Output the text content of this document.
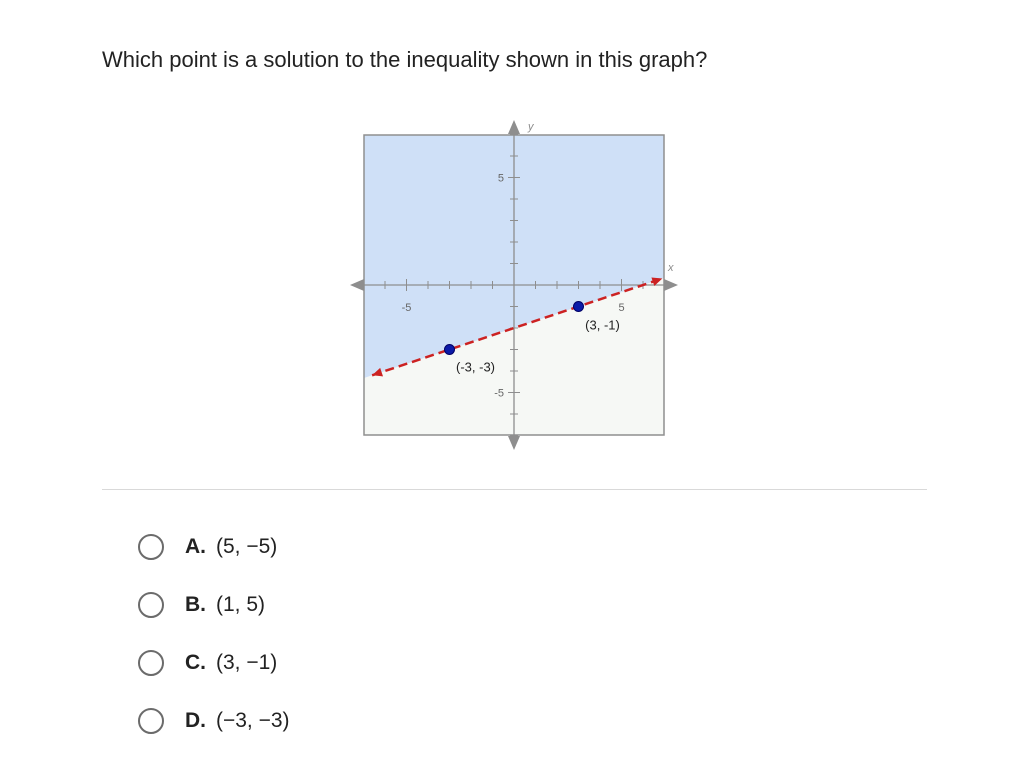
Which point is a solution to the inequality shown in this graph?
x
y
-5	5
5
-5
(-3, -3)
(3, -1)
A. (5, −5)
B. (1, 5)
C. (3, −1)
D. (−3, −3)
